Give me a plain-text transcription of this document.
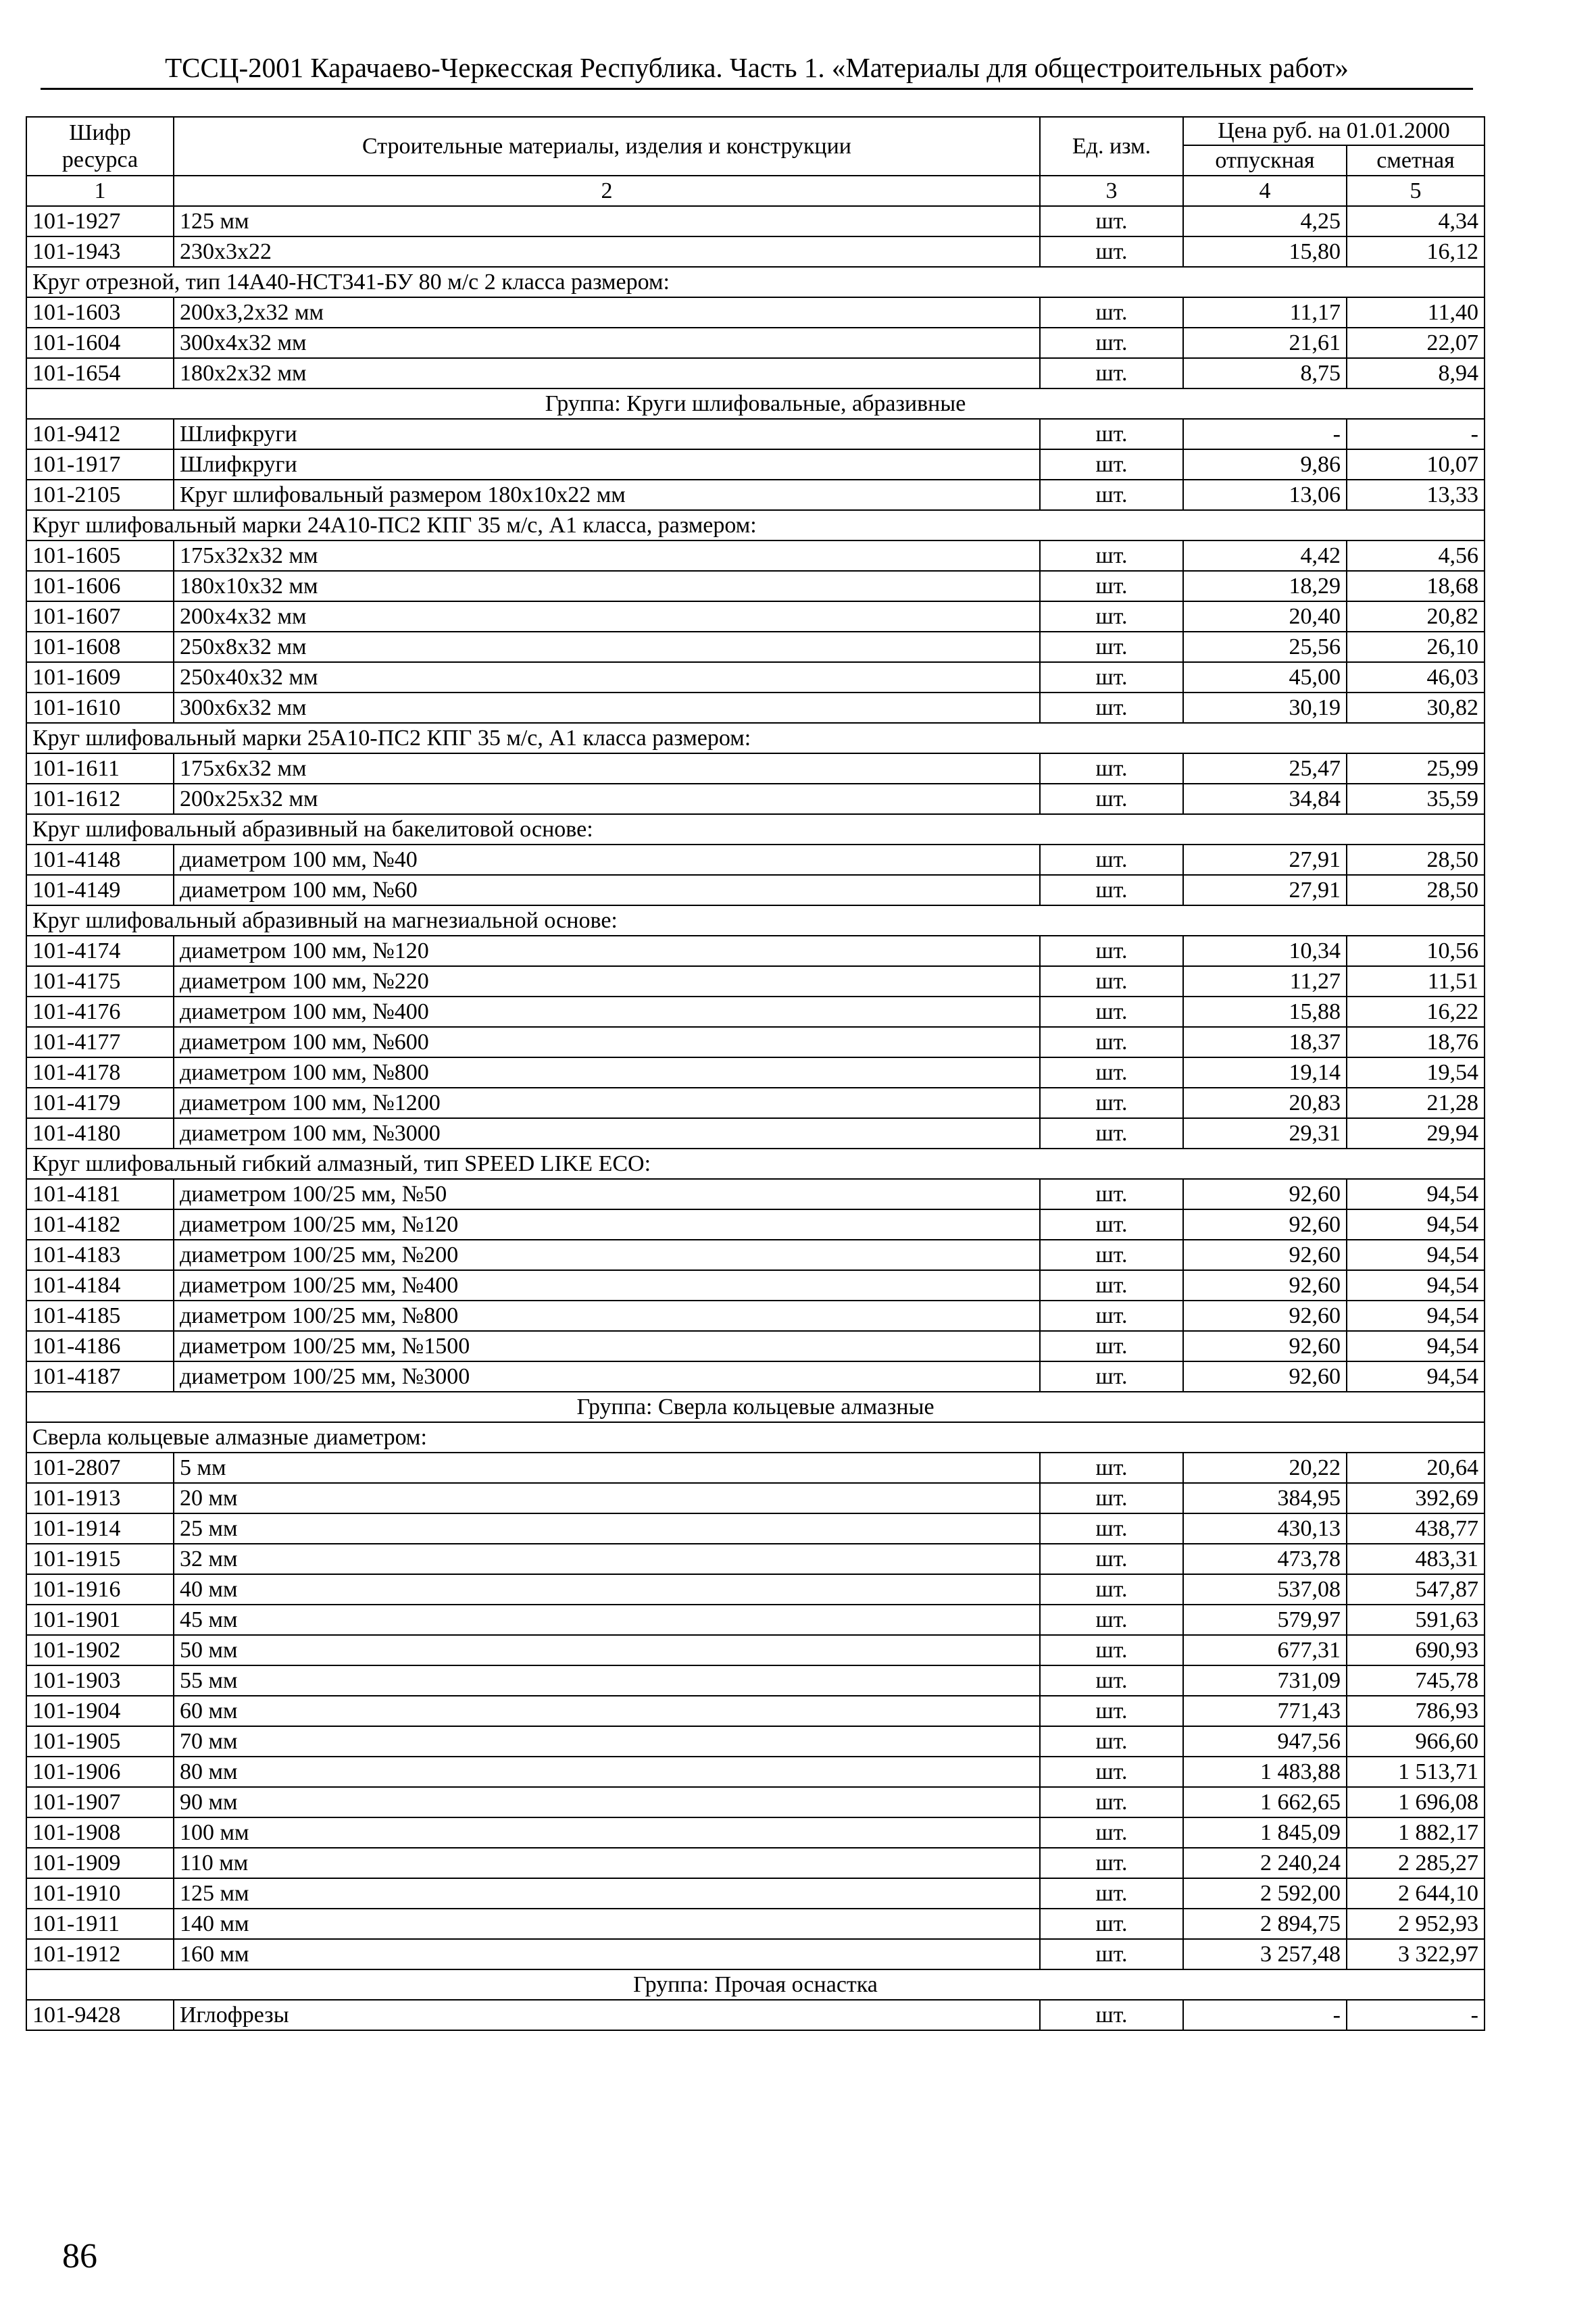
ТССЦ-2001 Карачаево-Черкесская Республика. Часть 1. «Материалы для общестроительных работ»
Шифр ресурса	Строительные материалы, изделия и конструкции	Ед. изм.	Цена руб. на 01.01.2000	
			отпускная	сметная
1	2	3	4	5
101-1927	125 мм	шт.	4,25	4,34
101-1943	230x3x22	шт.	15,80	16,12
Круг отрезной, тип 14А40-НСТ341-БУ 80 м/с 2 класса размером:				
101-1603	200x3,2x32 мм	шт.	11,17	11,40
101-1604	300x4x32 мм	шт.	21,61	22,07
101-1654	180x2x32 мм	шт.	8,75	8,94
Группа: Круги шлифовальные, абразивные				
101-9412	Шлифкруги	шт.	-	-
101-1917	Шлифкруги	шт.	9,86	10,07
101-2105	Круг шлифовальный размером 180x10x22 мм	шт.	13,06	13,33
Круг шлифовальный марки 24А10-ПС2 КПГ 35 м/с, А1 класса, размером:				
101-1605	175x32x32 мм	шт.	4,42	4,56
101-1606	180x10x32 мм	шт.	18,29	18,68
101-1607	200x4x32 мм	шт.	20,40	20,82
101-1608	250x8x32 мм	шт.	25,56	26,10
101-1609	250x40x32 мм	шт.	45,00	46,03
101-1610	300x6x32 мм	шт.	30,19	30,82
Круг шлифовальный марки 25А10-ПС2 КПГ 35 м/с, А1 класса размером:				
101-1611	175x6x32 мм	шт.	25,47	25,99
101-1612	200x25x32 мм	шт.	34,84	35,59
Круг шлифовальный абразивный на бакелитовой основе:				
101-4148	диаметром 100 мм, №40	шт.	27,91	28,50
101-4149	диаметром 100 мм, №60	шт.	27,91	28,50
Круг шлифовальный абразивный на магнезиальной основе:				
101-4174	диаметром 100 мм, №120	шт.	10,34	10,56
101-4175	диаметром 100 мм, №220	шт.	11,27	11,51
101-4176	диаметром 100 мм, №400	шт.	15,88	16,22
101-4177	диаметром 100 мм, №600	шт.	18,37	18,76
101-4178	диаметром 100 мм, №800	шт.	19,14	19,54
101-4179	диаметром 100 мм, №1200	шт.	20,83	21,28
101-4180	диаметром 100 мм, №3000	шт.	29,31	29,94
Круг шлифовальный гибкий алмазный, тип SPEED LIKE ECO:				
101-4181	диаметром 100/25 мм, №50	шт.	92,60	94,54
101-4182	диаметром 100/25 мм, №120	шт.	92,60	94,54
101-4183	диаметром 100/25 мм, №200	шт.	92,60	94,54
101-4184	диаметром 100/25 мм, №400	шт.	92,60	94,54
101-4185	диаметром 100/25 мм, №800	шт.	92,60	94,54
101-4186	диаметром 100/25 мм, №1500	шт.	92,60	94,54
101-4187	диаметром 100/25 мм, №3000	шт.	92,60	94,54
Группа: Сверла кольцевые алмазные				
Сверла кольцевые алмазные диаметром:				
101-2807	5 мм	шт.	20,22	20,64
101-1913	20 мм	шт.	384,95	392,69
101-1914	25 мм	шт.	430,13	438,77
101-1915	32 мм	шт.	473,78	483,31
101-1916	40 мм	шт.	537,08	547,87
101-1901	45 мм	шт.	579,97	591,63
101-1902	50 мм	шт.	677,31	690,93
101-1903	55 мм	шт.	731,09	745,78
101-1904	60 мм	шт.	771,43	786,93
101-1905	70 мм	шт.	947,56	966,60
101-1906	80 мм	шт.	1 483,88	1 513,71
101-1907	90 мм	шт.	1 662,65	1 696,08
101-1908	100 мм	шт.	1 845,09	1 882,17
101-1909	110 мм	шт.	2 240,24	2 285,27
101-1910	125 мм	шт.	2 592,00	2 644,10
101-1911	140 мм	шт.	2 894,75	2 952,93
101-1912	160 мм	шт.	3 257,48	3 322,97
Группа: Прочая оснастка				
101-9428	Иглофрезы	шт.	-	-
86
